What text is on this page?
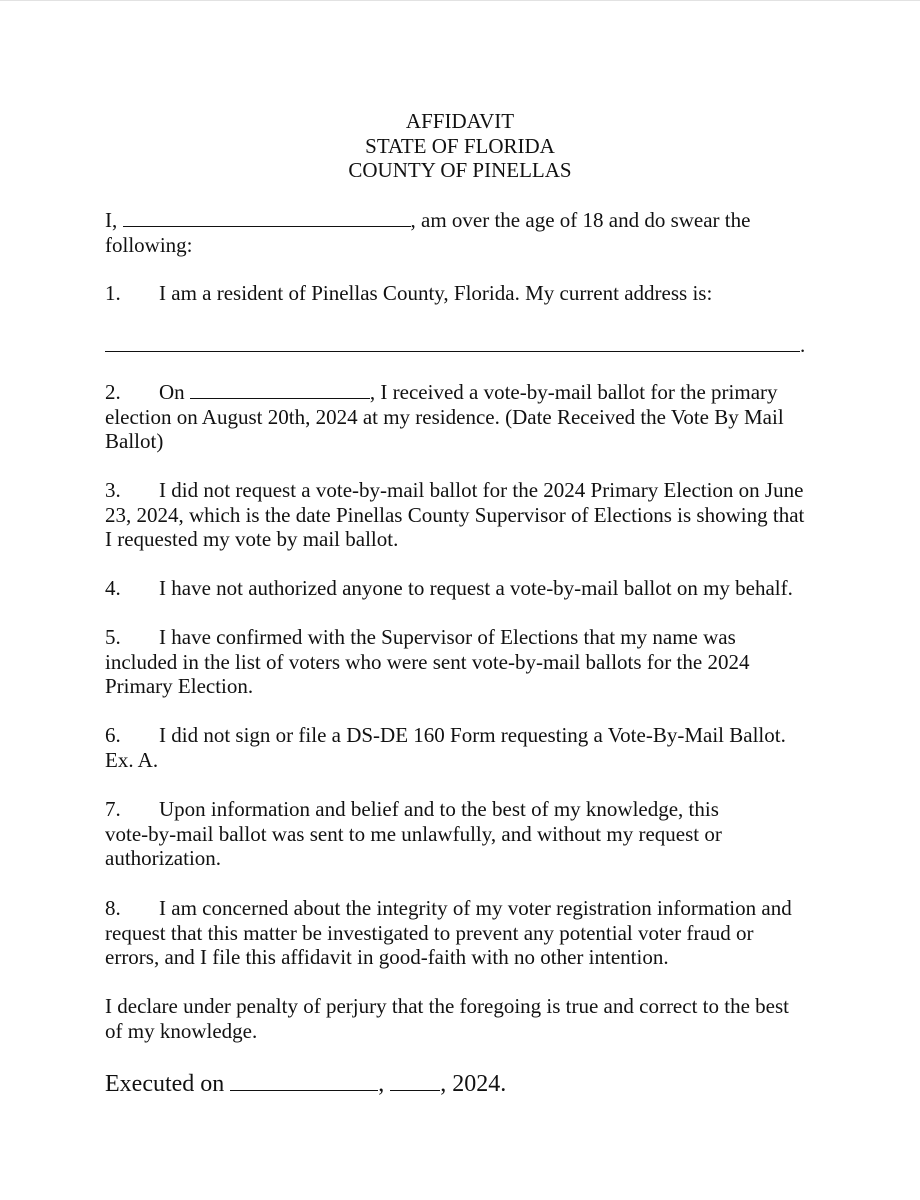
AFFIDAVIT
STATE OF FLORIDA
COUNTY OF PINELLAS
I,	, am over the age of 18 and do swear the
following:
1. I am a resident of Pinellas County, Florida. My current address is:
.
2. On	, I received a vote-by-mail ballot for the primary
election on August 20th, 2024 at my residence. (Date Received the Vote By Mail
Ballot)
3. I did not request a vote-by-mail ballot for the 2024 Primary Election on June
23, 2024, which is the date Pinellas County Supervisor of Elections is showing that
I requested my vote by mail ballot.
4. I have not authorized anyone to request a vote-by-mail ballot on my behalf.
5. I have confirmed with the Supervisor of Elections that my name was
included in the list of voters who were sent vote-by-mail ballots for the 2024
Primary Election.
6. I did not sign or file a DS-DE 160 Form requesting a Vote-By-Mail Ballot.
Ex. A.
7. Upon information and belief and to the best of my knowledge, this
vote-by-mail ballot was sent to me unlawfully, and without my request or
authorization.
8. I am concerned about the integrity of my voter registration information and
request that this matter be investigated to prevent any potential voter fraud or
errors, and I file this affidavit in good-faith with no other intention.
I declare under penalty of perjury that the foregoing is true and correct to the best
of my knowledge.
Executed on	, , 2024.
